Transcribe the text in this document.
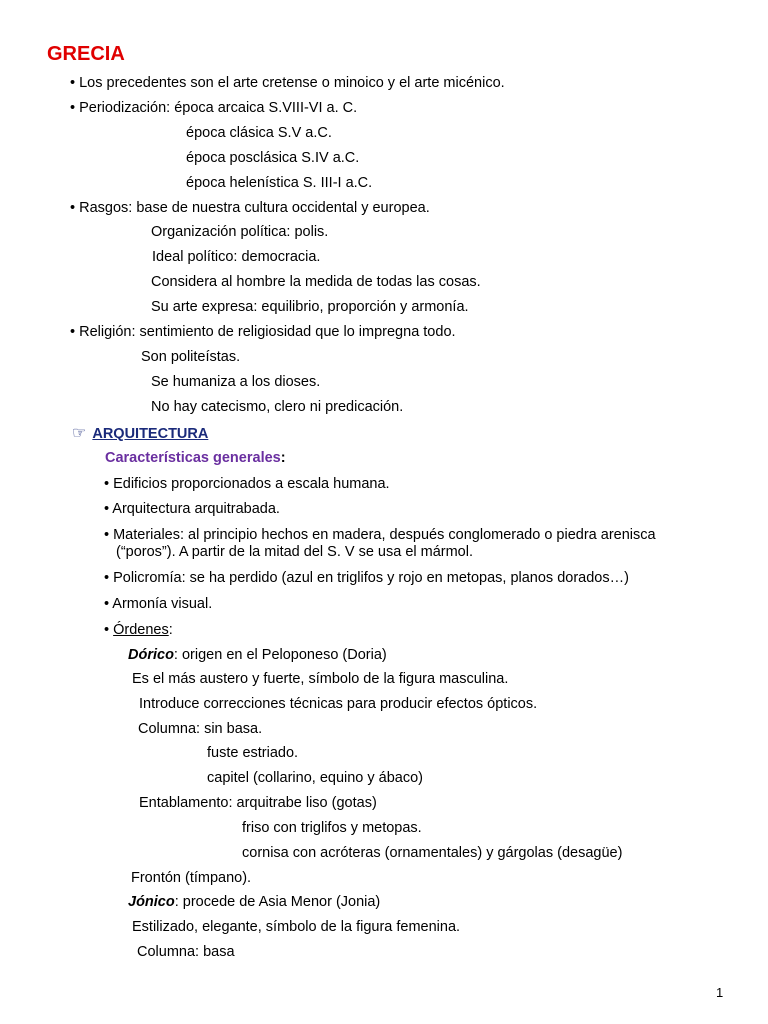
GRECIA
• Los precedentes son el arte cretense o minoico y el arte micénico.
• Periodización: época arcaica S.VIII-VI a. C.
época clásica S.V a.C.
época posclásica S.IV a.C.
época helenística S. III-I a.C.
• Rasgos: base de nuestra cultura occidental y europea.
Organización política: polis.
Ideal político: democracia.
Considera al hombre la medida de todas las cosas.
Su arte expresa: equilibrio, proporción y armonía.
• Religión: sentimiento de religiosidad que lo impregna todo.
Son politeístas.
Se humaniza a los dioses.
No hay catecismo, clero ni predicación.
☞ ARQUITECTURA
Características generales:
• Edificios proporcionados a escala humana.
• Arquitectura arquitrabada.
• Materiales: al principio hechos en madera, después conglomerado o piedra arenisca
(“poros”). A partir de la mitad del S. V se usa el mármol.
• Policromía: se ha perdido (azul en triglifos y rojo en metopas, planos dorados…)
• Armonía visual.
• Órdenes:
Dórico: origen en el Peloponeso (Doria)
Es el más austero y fuerte, símbolo de la figura masculina.
Introduce correcciones técnicas para producir efectos ópticos.
Columna: sin basa.
fuste estriado.
capitel (collarino, equino y ábaco)
Entablamento: arquitrabe liso (gotas)
friso con triglifos y metopas.
cornisa con acróteras (ornamentales) y gárgolas (desagüe)
Frontón (tímpano).
Jónico: procede de Asia Menor (Jonia)
Estilizado, elegante, símbolo de la figura femenina.
Columna: basa
1
